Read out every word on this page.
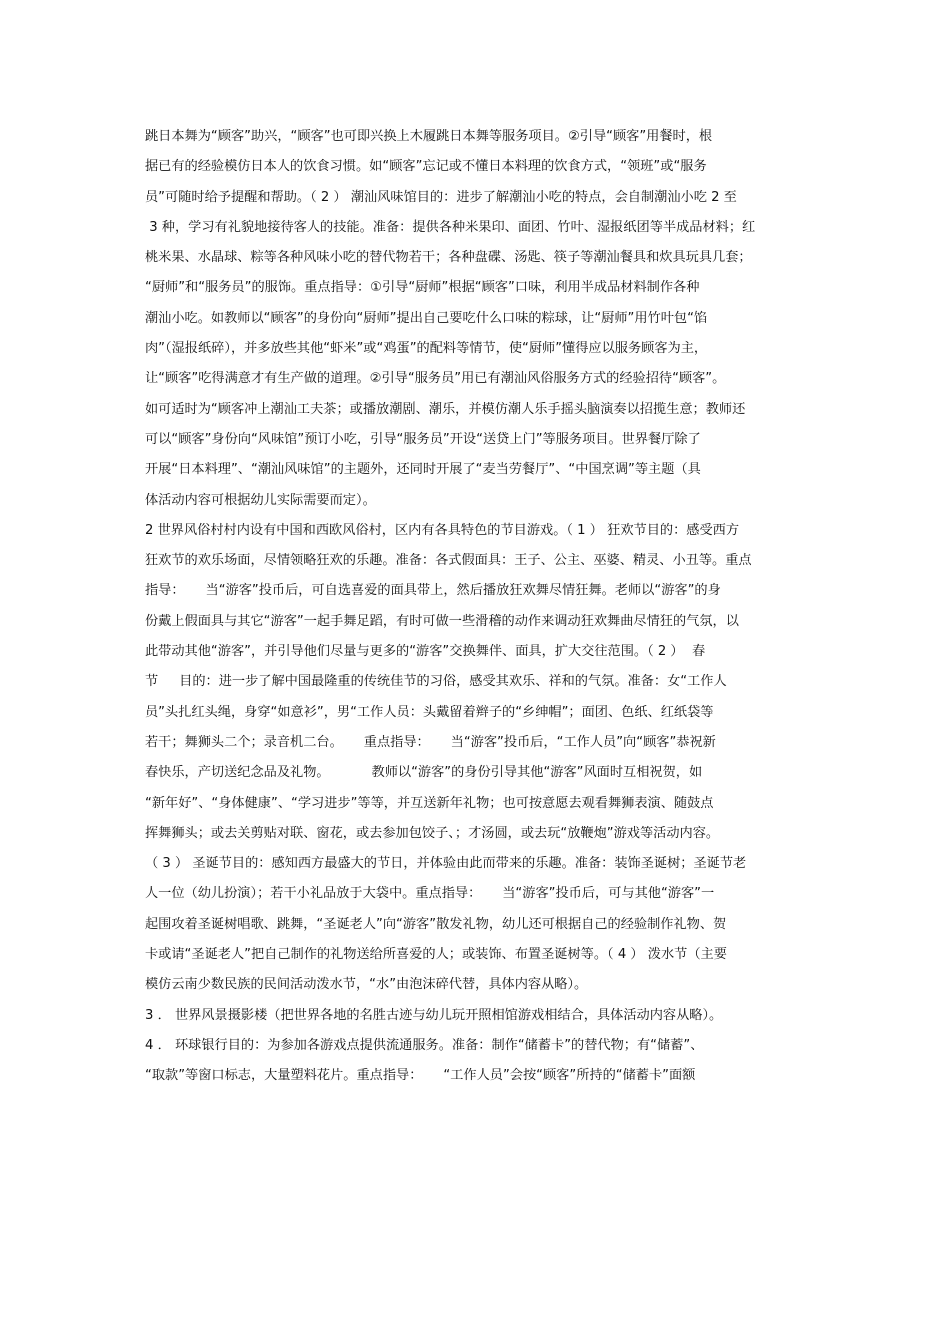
跳日本舞为“顾客”助兴，“顾客”也可即兴换上木履跳日本舞等服务项目。②引导“顾客”用餐时，根
据已有的经验模仿日本人的饮食习惯。如“顾客”忘记或不懂日本料理的饮食方式，“领班”或“服务
员”可随时给予提醒和帮助。（ 2 ） 潮汕风味馆目的：进步了解潮汕小吃的特点，会自制潮汕小吃 2 至
3 种，学习有礼貌地接待客人的技能。准备：提供各种米果印、面团、竹叶、湿报纸团等半成品材料；红
桃米果、水晶球、粽等各种风味小吃的替代物若干；各种盘碟、汤匙、筷子等潮汕餐具和炊具玩具几套；
“厨师”和“服务员”的服饰。重点指导：①引导“厨师”根据“顾客”口味，利用半成品材料制作各种
潮汕小吃。如教师以“顾客”的身份向“厨师”提出自己要吃什么口味的粽球，让“厨师”用竹叶包“馅
肉”（湿报纸碎），并多放些其他“虾米”或“鸡蛋”的配料等情节，使“厨师”懂得应以服务顾客为主，
让“顾客”吃得满意才有生产做的道理。②引导“服务员”用已有潮汕风俗服务方式的经验招待“顾客”。
如可适时为“顾客冲上潮汕工夫茶；或播放潮剧、潮乐，并模仿潮人乐手摇头脑演奏以招揽生意；教师还
可以“顾客”身份向“风味馆”预订小吃，引导“服务员”开设“送贷上门”等服务项目。世界餐厅除了
开展“日本料理”、“潮汕风味馆”的主题外，还同时开展了“麦当劳餐厅”、“中国烹调”等主题（具
体活动内容可根据幼儿实际需要而定）。
2 世界风俗村村内设有中国和西欧风俗村，区内有各具特色的节目游戏。（ 1 ） 狂欢节目的：感受西方
狂欢节的欢乐场面，尽情领略狂欢的乐趣。准备：各式假面具：王子、公主、巫婆、精灵、小丑等。重点
指导：     当“游客”投币后，可自选喜爱的面具带上，然后播放狂欢舞尽情狂舞。老师以“游客”的身
份戴上假面具与其它“游客”一起手舞足蹈，有时可做一些滑稽的动作来调动狂欢舞曲尽情狂的气氛，以
此带动其他“游客”，并引导他们尽量与更多的“游客”交换舞伴、面具，扩大交往范围。（ 2 ）  春
节     目的：进一步了解中国最隆重的传统佳节的习俗，感受其欢乐、祥和的气氛。准备：女“工作人
员”头扎红头绳，身穿“如意衫”，男“工作人员：头戴留着辫子的“乡绅帽”；面团、色纸、红纸袋等
若干；舞狮头二个；录音机二台。     重点指导：     当“游客”投币后，“工作人员”向“顾客”恭祝新
春快乐，产切送纪念品及礼物。          教师以“游客”的身份引导其他“游客”风面时互相祝贺，如
“新年好”、“身体健康”、“学习进步”等等，并互送新年礼物；也可按意愿去观看舞狮表演、随鼓点
挥舞狮头；或去关剪贴对联、窗花，或去参加包饺子、；才汤圆，或去玩“放鞭炮”游戏等活动内容。
（ 3 ） 圣诞节目的：感知西方最盛大的节日，并体验由此而带来的乐趣。准备：装饰圣诞树；圣诞节老
人一位（幼儿扮演）；若干小礼品放于大袋中。重点指导：     当“游客”投币后，可与其他“游客”一
起围攻着圣诞树唱歌、跳舞，“圣诞老人”向“游客”散发礼物，幼儿还可根据自己的经验制作礼物、贺
卡或请“圣诞老人”把自己制作的礼物送给所喜爱的人；或装饰、布置圣诞树等。（ 4 ） 泼水节（主要
模仿云南少数民族的民间活动泼水节，“水”由泡沫碎代替，具体内容从略）。
3 ． 世界风景摄影楼（把世界各地的名胜古迹与幼儿玩开照相馆游戏相结合，具体活动内容从略）。
4 ． 环球银行目的：为参加各游戏点提供流通服务。准备：制作“储蓄卡”的替代物；有“储蓄”、
“取款”等窗口标志，大量塑料花片。重点指导：     “工作人员”会按“顾客”所持的“储蓄卡”面额
